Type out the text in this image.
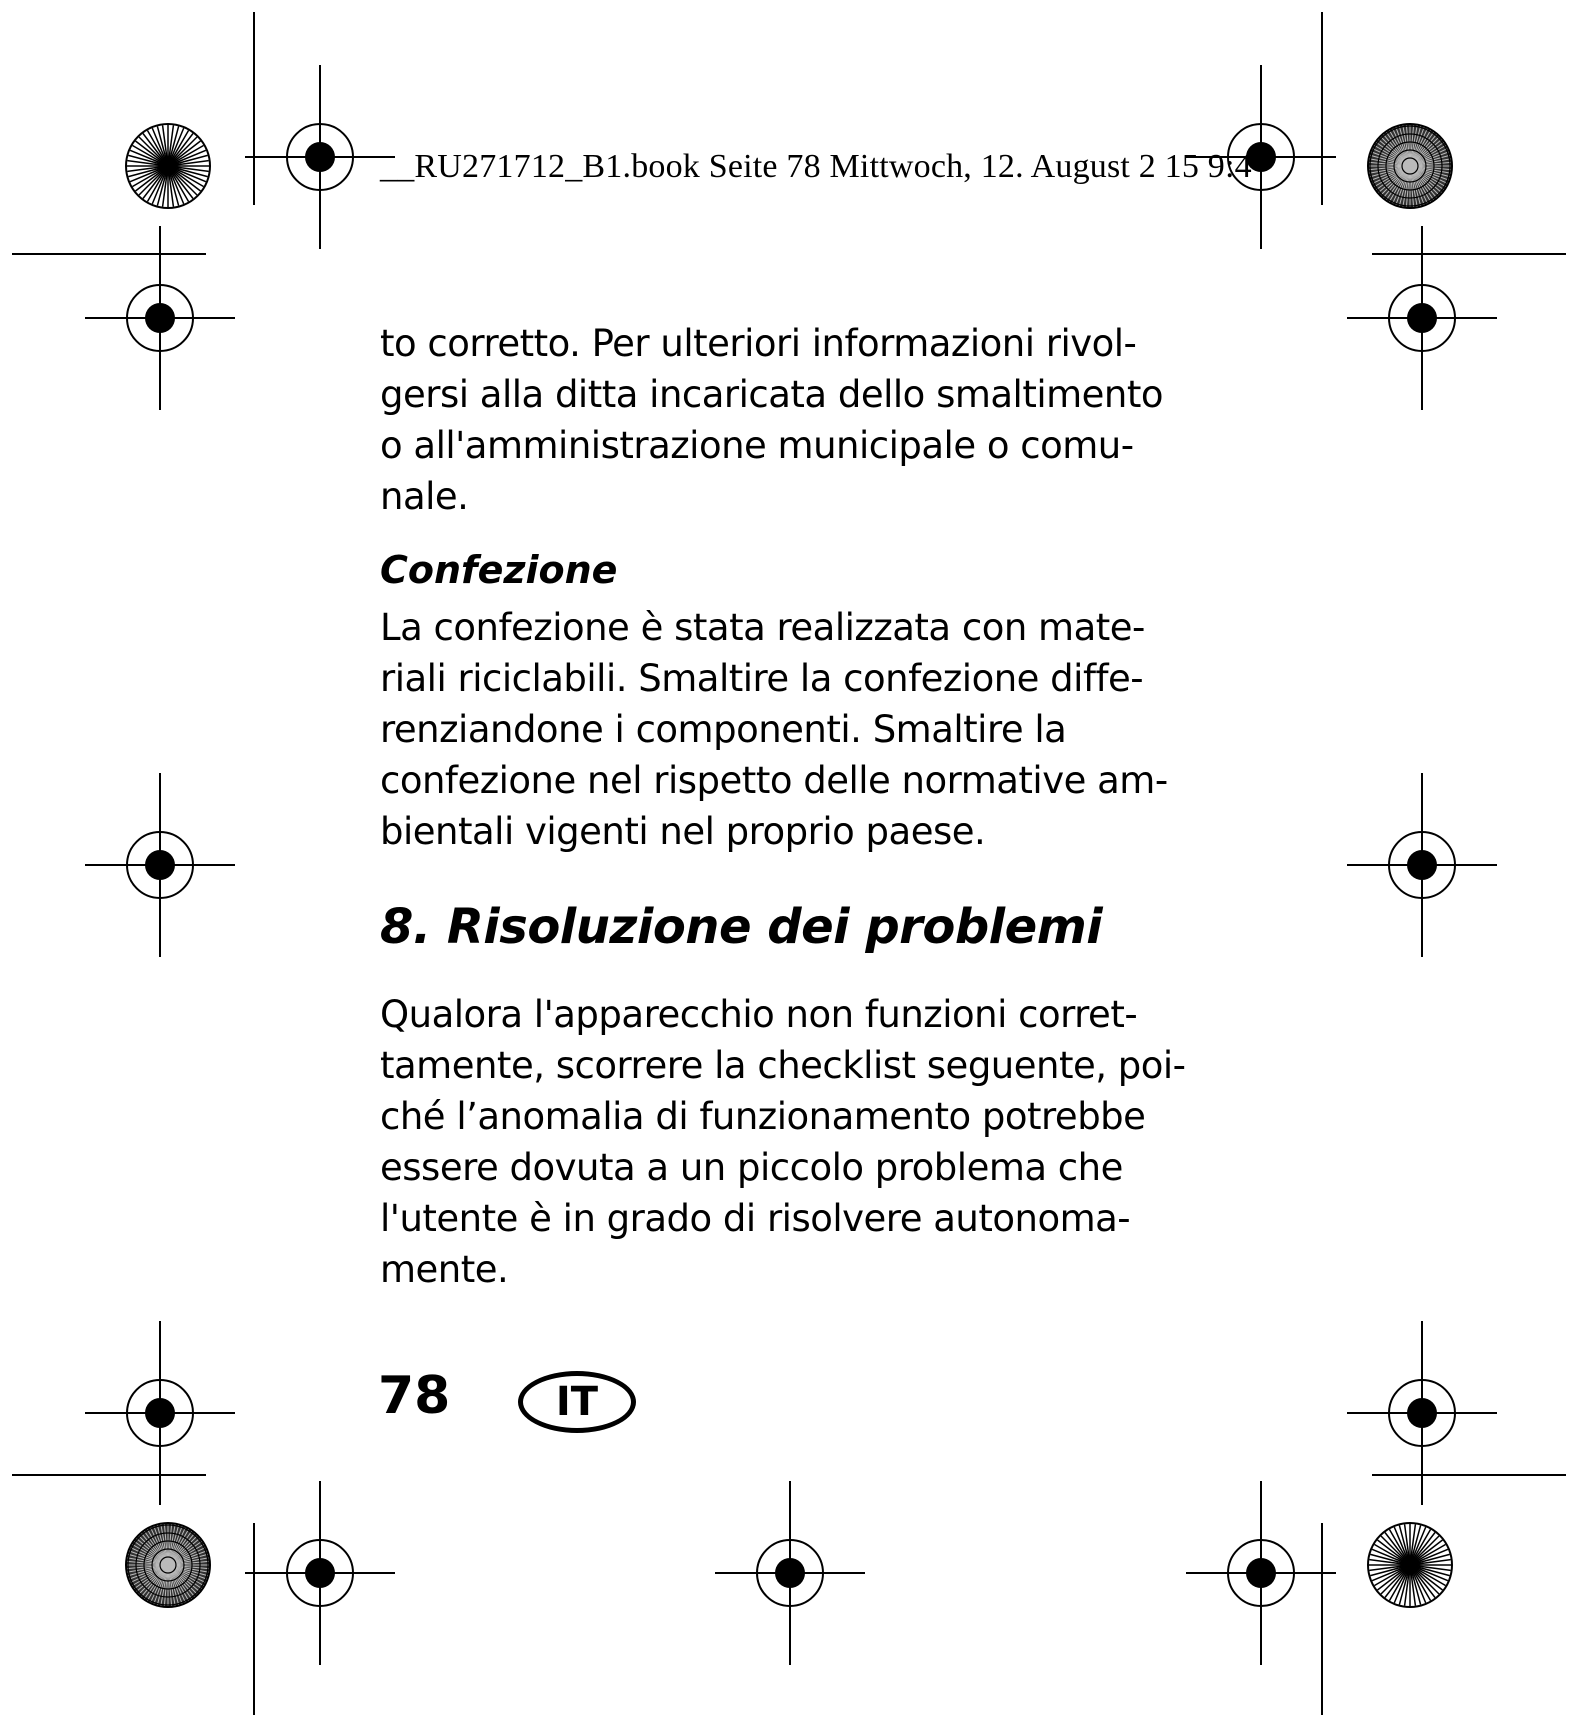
__RU271712_B1.book Seite 78 Mittwoch, 12. August 2 15 9:4

to corretto. Per ulteriori informazioni rivol-
gersi alla ditta incaricata dello smaltimento
o all'amministrazione municipale o comu-
nale.

Confezione

La confezione è stata realizzata con mate-
riali riciclabili. Smaltire la confezione diffe-
renziandone i componenti. Smaltire la
confezione nel rispetto delle normative am-
bientali vigenti nel proprio paese.

8. Risoluzione dei problemi

Qualora l'apparecchio non funzioni corret-
tamente, scorrere la checklist seguente, poi-
ché l’anomalia di funzionamento potrebbe
essere dovuta a un piccolo problema che
l'utente è in grado di risolvere autonoma-
mente.

78	IT
